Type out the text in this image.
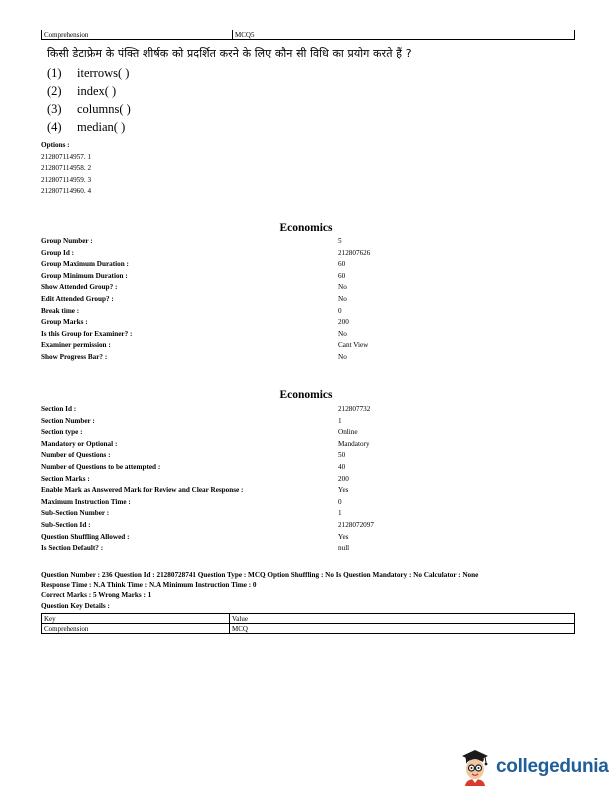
Comprehension	MCQ5
किसी डेटाफ्रेम के पंक्ति शीर्षक को प्रदर्शित करने के लिए कौन सी विधि का प्रयोग करते हैं ?
(1)	iterrows( )
(2)	index( )
(3)	columns( )
(4)	median( )
Options :
212807114957. 1
212807114958. 2
212807114959. 3
212807114960. 4
Economics
Group Number :	5
Group Id :	212807626
Group Maximum Duration :	60
Group Minimum Duration :	60
Show Attended Group? :	No
Edit Attended Group? :	No
Break time :	0
Group Marks :	200
Is this Group for Examiner? :	No
Examiner permission :	Cant View
Show Progress Bar? :	No
Economics
Section Id :	212807732
Section Number :	1
Section type :	Online
Mandatory or Optional :	Mandatory
Number of Questions :	50
Number of Questions to be attempted :	40
Section Marks :	200
Enable Mark as Answered Mark for Review and Clear Response :	Yes
Maximum Instruction Time :	0
Sub-Section Number :	1
Sub-Section Id :	2128072097
Question Shuffling Allowed :	Yes
Is Section Default? :	null
Question Number : 236 Question Id : 21280728741 Question Type : MCQ Option Shuffling : No Is Question Mandatory : No Calculator : None
Response Time : N.A Think Time : N.A Minimum Instruction Time : 0
Correct Marks : 5 Wrong Marks : 1
Question Key Details :
Key	Value
Comprehension	MCQ
collegedunia
